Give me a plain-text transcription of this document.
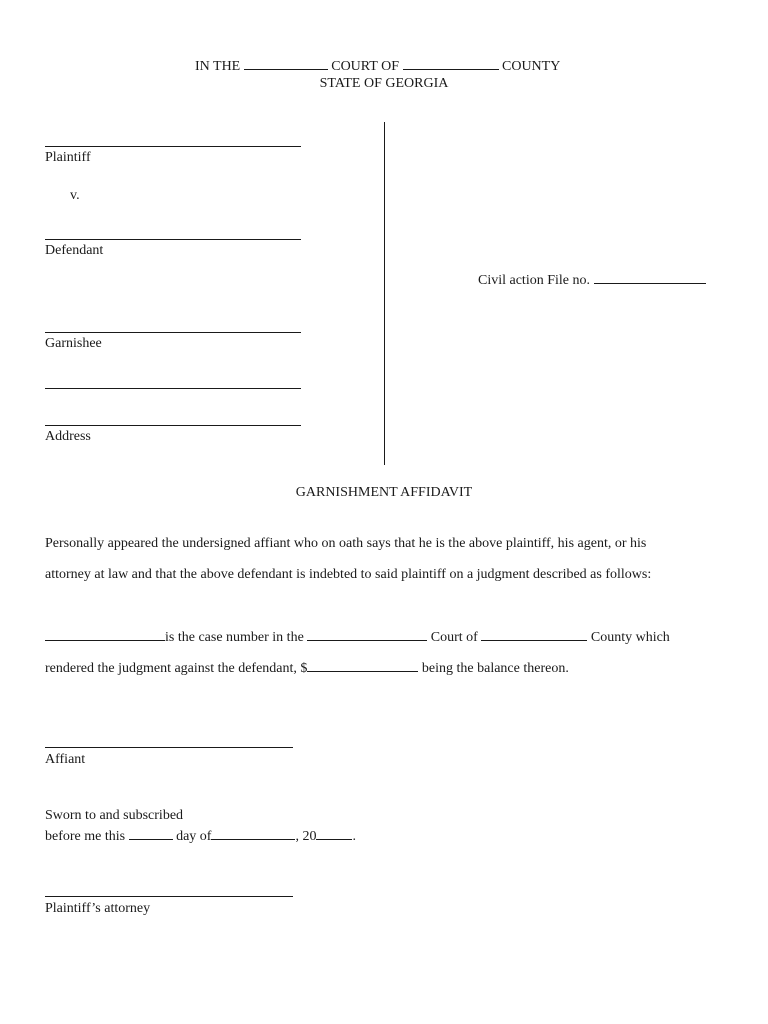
IN THE	COURT OF	COUNTY
STATE OF GEORGIA
Plaintiff
v.
Defendant
Garnishee
Address
Civil action File no.
GARNISHMENT AFFIDAVIT
Personally appeared the undersigned affiant who on oath says that he is the above plaintiff, his agent, or his
attorney at law and that the above defendant is indebted to said plaintiff on a judgment described as follows:
is the case number in the	Court of	County which
rendered the judgment against the defendant, $	being the balance thereon.
Affiant
Sworn to and subscribed
before me this	day of	, 20	.
Plaintiff’s attorney
